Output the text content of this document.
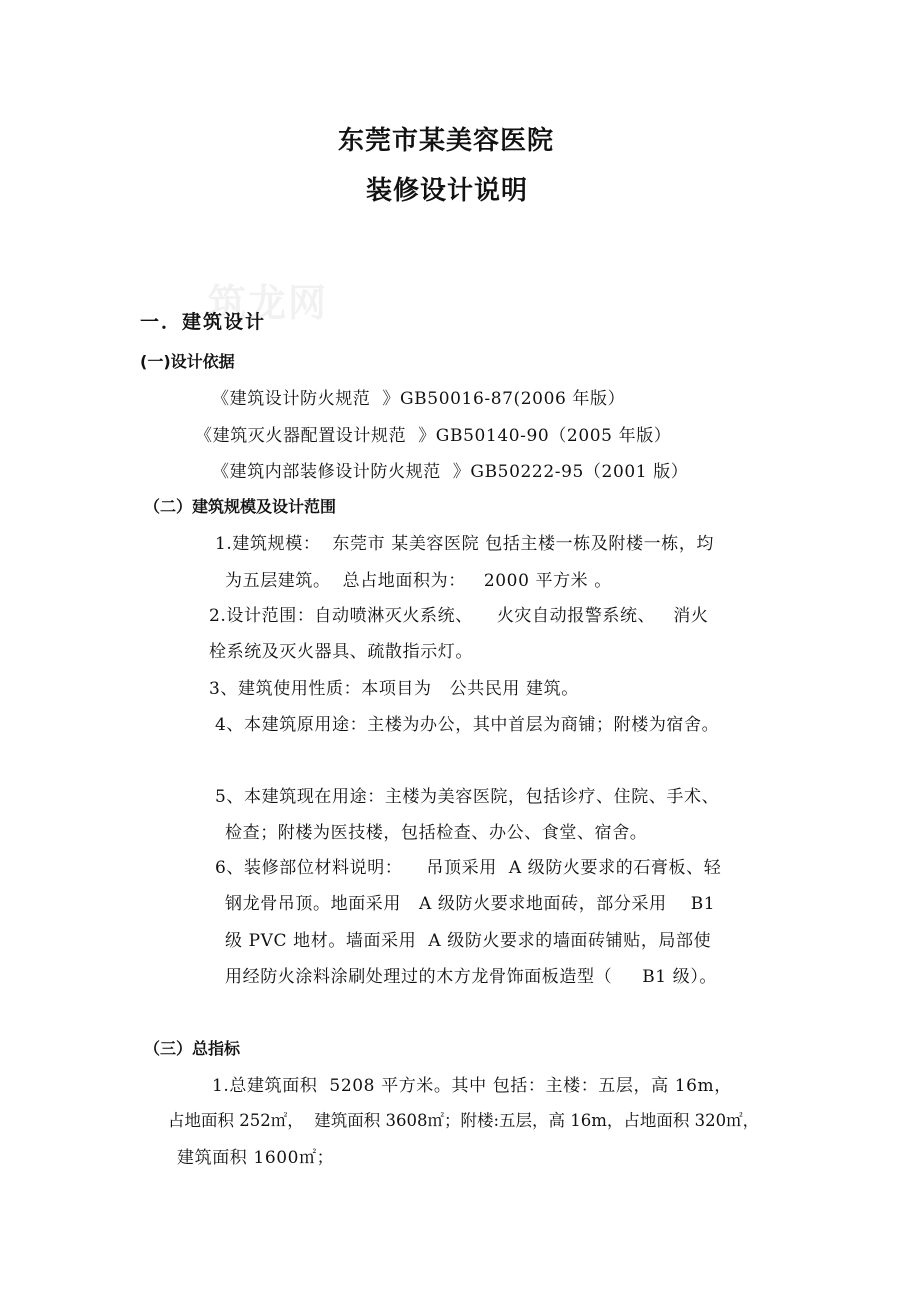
筑龙网
东莞市某美容医院
装修设计说明
一．建筑设计
(一)设计依据
《建筑设计防火规范  》GB50016-87(2006 年版）
《建筑灭火器配置设计规范  》GB50140-90（2005 年版）
《建筑内部装修设计防火规范  》GB50222-95（2001 版）
（二）建筑规模及设计范围
1.建筑规模：  东莞市 某美容医院 包括主楼一栋及附楼一栋，均
为五层建筑。  总占地面积为：   2000 平方米 。
2.设计范围：自动喷淋灭火系统、    火灾自动报警系统、   消火
栓系统及灭火器具、疏散指示灯。
3、建筑使用性质：本项目为   公共民用 建筑。
4、本建筑原用途：主楼为办公，其中首层为商铺；附楼为宿舍。
5、本建筑现在用途：主楼为美容医院，包括诊疗、住院、手术、
检查；附楼为医技楼，包括检查、办公、食堂、宿舍。
6、装修部位材料说明：    吊顶采用  A 级防火要求的石膏板、轻
钢龙骨吊顶。地面采用   A 级防火要求地面砖，部分采用    B1
级 PVC 地材。墙面采用  A 级防火要求的墙面砖铺贴，局部使
用经防火涂料涂刷处理过的木方龙骨饰面板造型（     B1 级）。
（三）总指标
1.总建筑面积  5208 平方米。其中 包括：主楼：五层，高 16m，
占地面积 252㎡，  建筑面积 3608㎡；附楼:五层，高 16m，占地面积 320㎡，
建筑面积 1600㎡；
